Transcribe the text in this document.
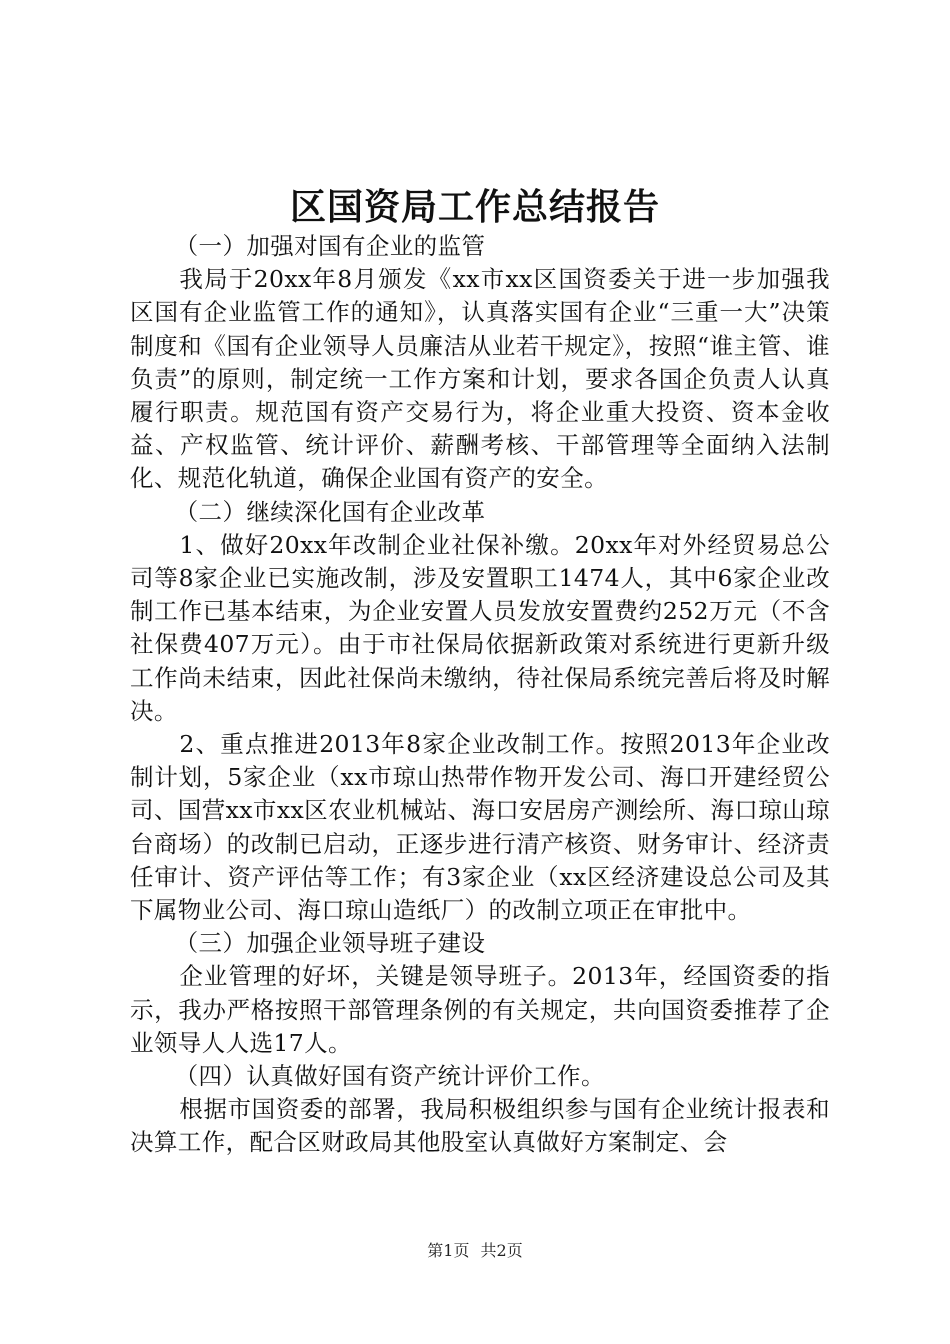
区国资局工作总结报告

（一）加强对国有企业的监管

我局于20xx年8月颁发《xx市xx区国资委关于进一步加强我区国有企业监管工作的通知》，认真落实国有企业“三重一大”决策制度和《国有企业领导人员廉洁从业若干规定》，按照“谁主管、谁负责”的原则，制定统一工作方案和计划，要求各国企负责人认真履行职责。规范国有资产交易行为，将企业重大投资、资本金收益、产权监管、统计评价、薪酬考核、干部管理等全面纳入法制化、规范化轨道，确保企业国有资产的安全。

（二）继续深化国有企业改革

1、做好20xx年改制企业社保补缴。20xx年对外经贸易总公司等8家企业已实施改制，涉及安置职工1474人，其中6家企业改制工作已基本结束，为企业安置人员发放安置费约252万元（不含社保费407万元）。由于市社保局依据新政策对系统进行更新升级工作尚未结束，因此社保尚未缴纳，待社保局系统完善后将及时解决。

2、重点推进2013年8家企业改制工作。按照2013年企业改制计划，5家企业（xx市琼山热带作物开发公司、海口开建经贸公司、国营xx市xx区农业机械站、海口安居房产测绘所、海口琼山琼台商场）的改制已启动，正逐步进行清产核资、财务审计、经济责任审计、资产评估等工作；有3家企业（xx区经济建设总公司及其下属物业公司、海口琼山造纸厂）的改制立项正在审批中。

（三）加强企业领导班子建设

企业管理的好坏，关键是领导班子。2013年，经国资委的指示，我办严格按照干部管理条例的有关规定，共向国资委推荐了企业领导人人选17人。

（四）认真做好国有资产统计评价工作。

根据市国资委的部署，我局积极组织参与国有企业统计报表和决算工作，配合区财政局其他股室认真做好方案制定、会

第1页 共2页
